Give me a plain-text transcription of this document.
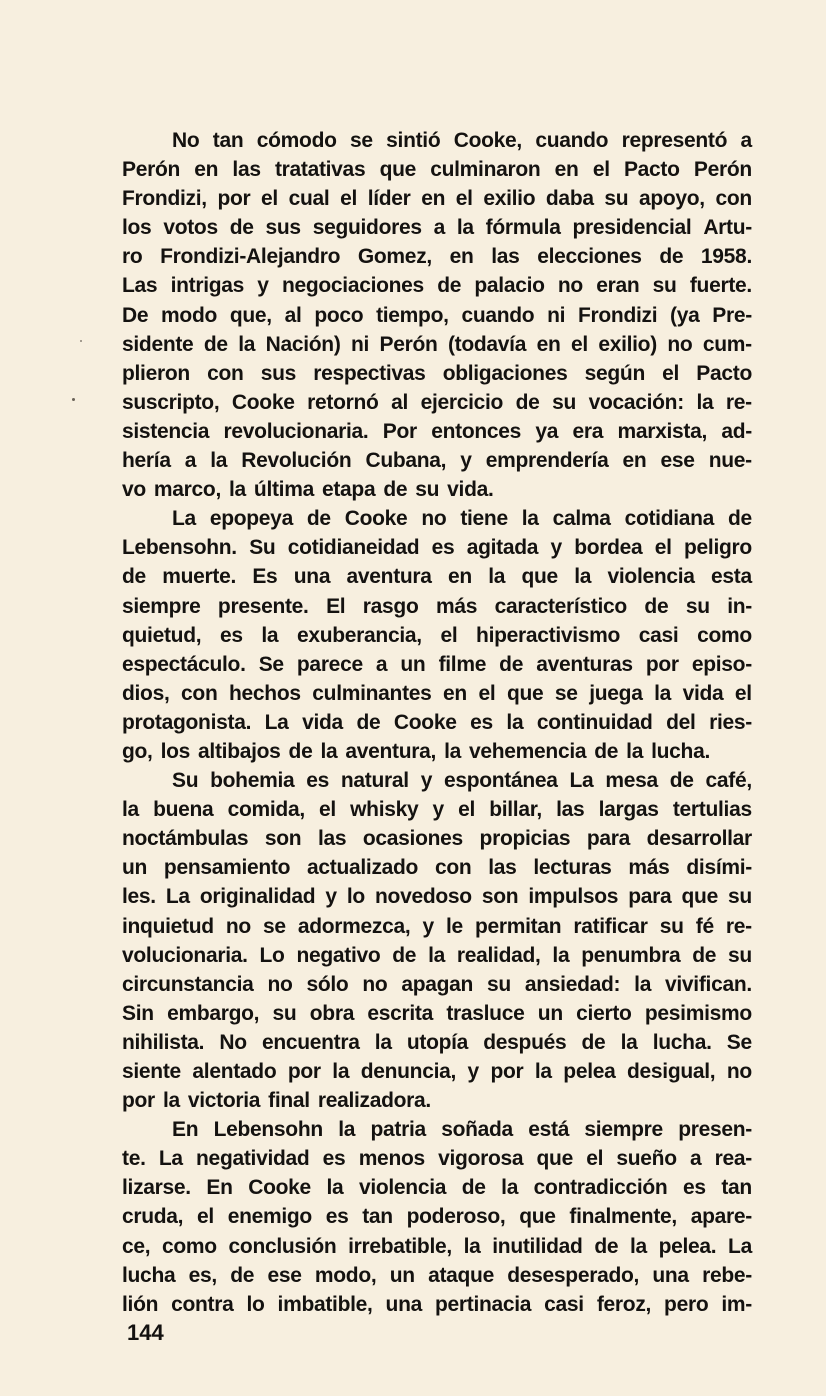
No tan cómodo se sintió Cooke, cuando representó a
Perón en las tratativas que culminaron en el Pacto Perón
Frondizi, por el cual el líder en el exilio daba su apoyo, con
los votos de sus seguidores a la fórmula presidencial Artu-
ro Frondizi-Alejandro Gomez, en las elecciones de 1958.
Las intrigas y negociaciones de palacio no eran su fuerte.
De modo que, al poco tiempo, cuando ni Frondizi (ya Pre-
sidente de la Nación) ni Perón (todavía en el exilio) no cum-
plieron con sus respectivas obligaciones según el Pacto
suscripto, Cooke retornó al ejercicio de su vocación: la re-
sistencia revolucionaria. Por entonces ya era marxista, ad-
hería a la Revolución Cubana, y emprendería en ese nue-
vo marco, la última etapa de su vida.
La epopeya de Cooke no tiene la calma cotidiana de
Lebensohn. Su cotidianeidad es agitada y bordea el peligro
de muerte. Es una aventura en la que la violencia esta
siempre presente. El rasgo más característico de su in-
quietud, es la exuberancia, el hiperactivismo casi como
espectáculo. Se parece a un filme de aventuras por episo-
dios, con hechos culminantes en el que se juega la vida el
protagonista. La vida de Cooke es la continuidad del ries-
go, los altibajos de la aventura, la vehemencia de la lucha.
Su bohemia es natural y espontánea La mesa de café,
la buena comida, el whisky y el billar, las largas tertulias
noctámbulas son las ocasiones propicias para desarrollar
un pensamiento actualizado con las lecturas más disími-
les. La originalidad y lo novedoso son impulsos para que su
inquietud no se adormezca, y le permitan ratificar su fé re-
volucionaria. Lo negativo de la realidad, la penumbra de su
circunstancia no sólo no apagan su ansiedad: la vivifican.
Sin embargo, su obra escrita trasluce un cierto pesimismo
nihilista. No encuentra la utopía después de la lucha. Se
siente alentado por la denuncia, y por la pelea desigual, no
por la victoria final realizadora.
En Lebensohn la patria soñada está siempre presen-
te. La negatividad es menos vigorosa que el sueño a rea-
lizarse. En Cooke la violencia de la contradicción es tan
cruda, el enemigo es tan poderoso, que finalmente, apare-
ce, como conclusión irrebatible, la inutilidad de la pelea. La
lucha es, de ese modo, un ataque desesperado, una rebe-
lión contra lo imbatible, una pertinacia casi feroz, pero im-
144
